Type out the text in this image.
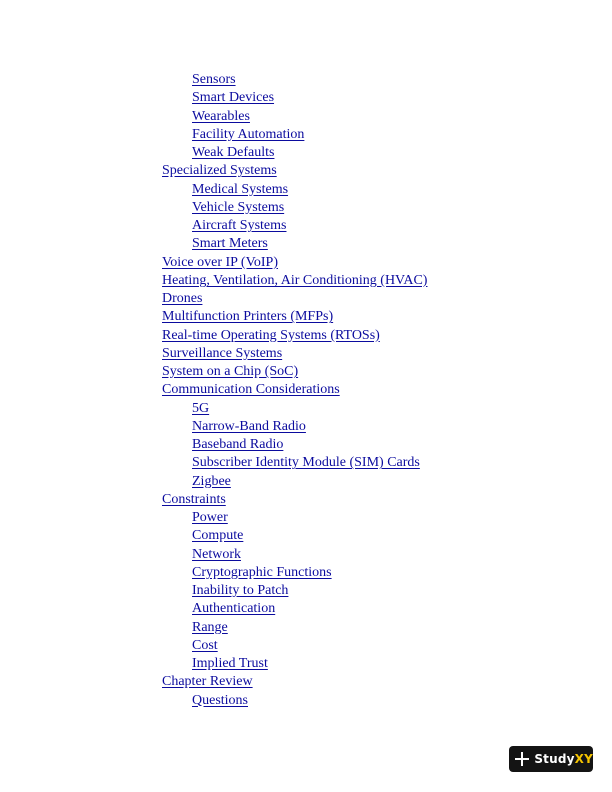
Sensors
Smart Devices
Wearables
Facility Automation
Weak Defaults
Specialized Systems
Medical Systems
Vehicle Systems
Aircraft Systems
Smart Meters
Voice over IP (VoIP)
Heating, Ventilation, Air Conditioning (HVAC)
Drones
Multifunction Printers (MFPs)
Real-time Operating Systems (RTOSs)
Surveillance Systems
System on a Chip (SoC)
Communication Considerations
5G
Narrow-Band Radio
Baseband Radio
Subscriber Identity Module (SIM) Cards
Zigbee
Constraints
Power
Compute
Network
Cryptographic Functions
Inability to Patch
Authentication
Range
Cost
Implied Trust
Chapter Review
Questions
StudyXY
